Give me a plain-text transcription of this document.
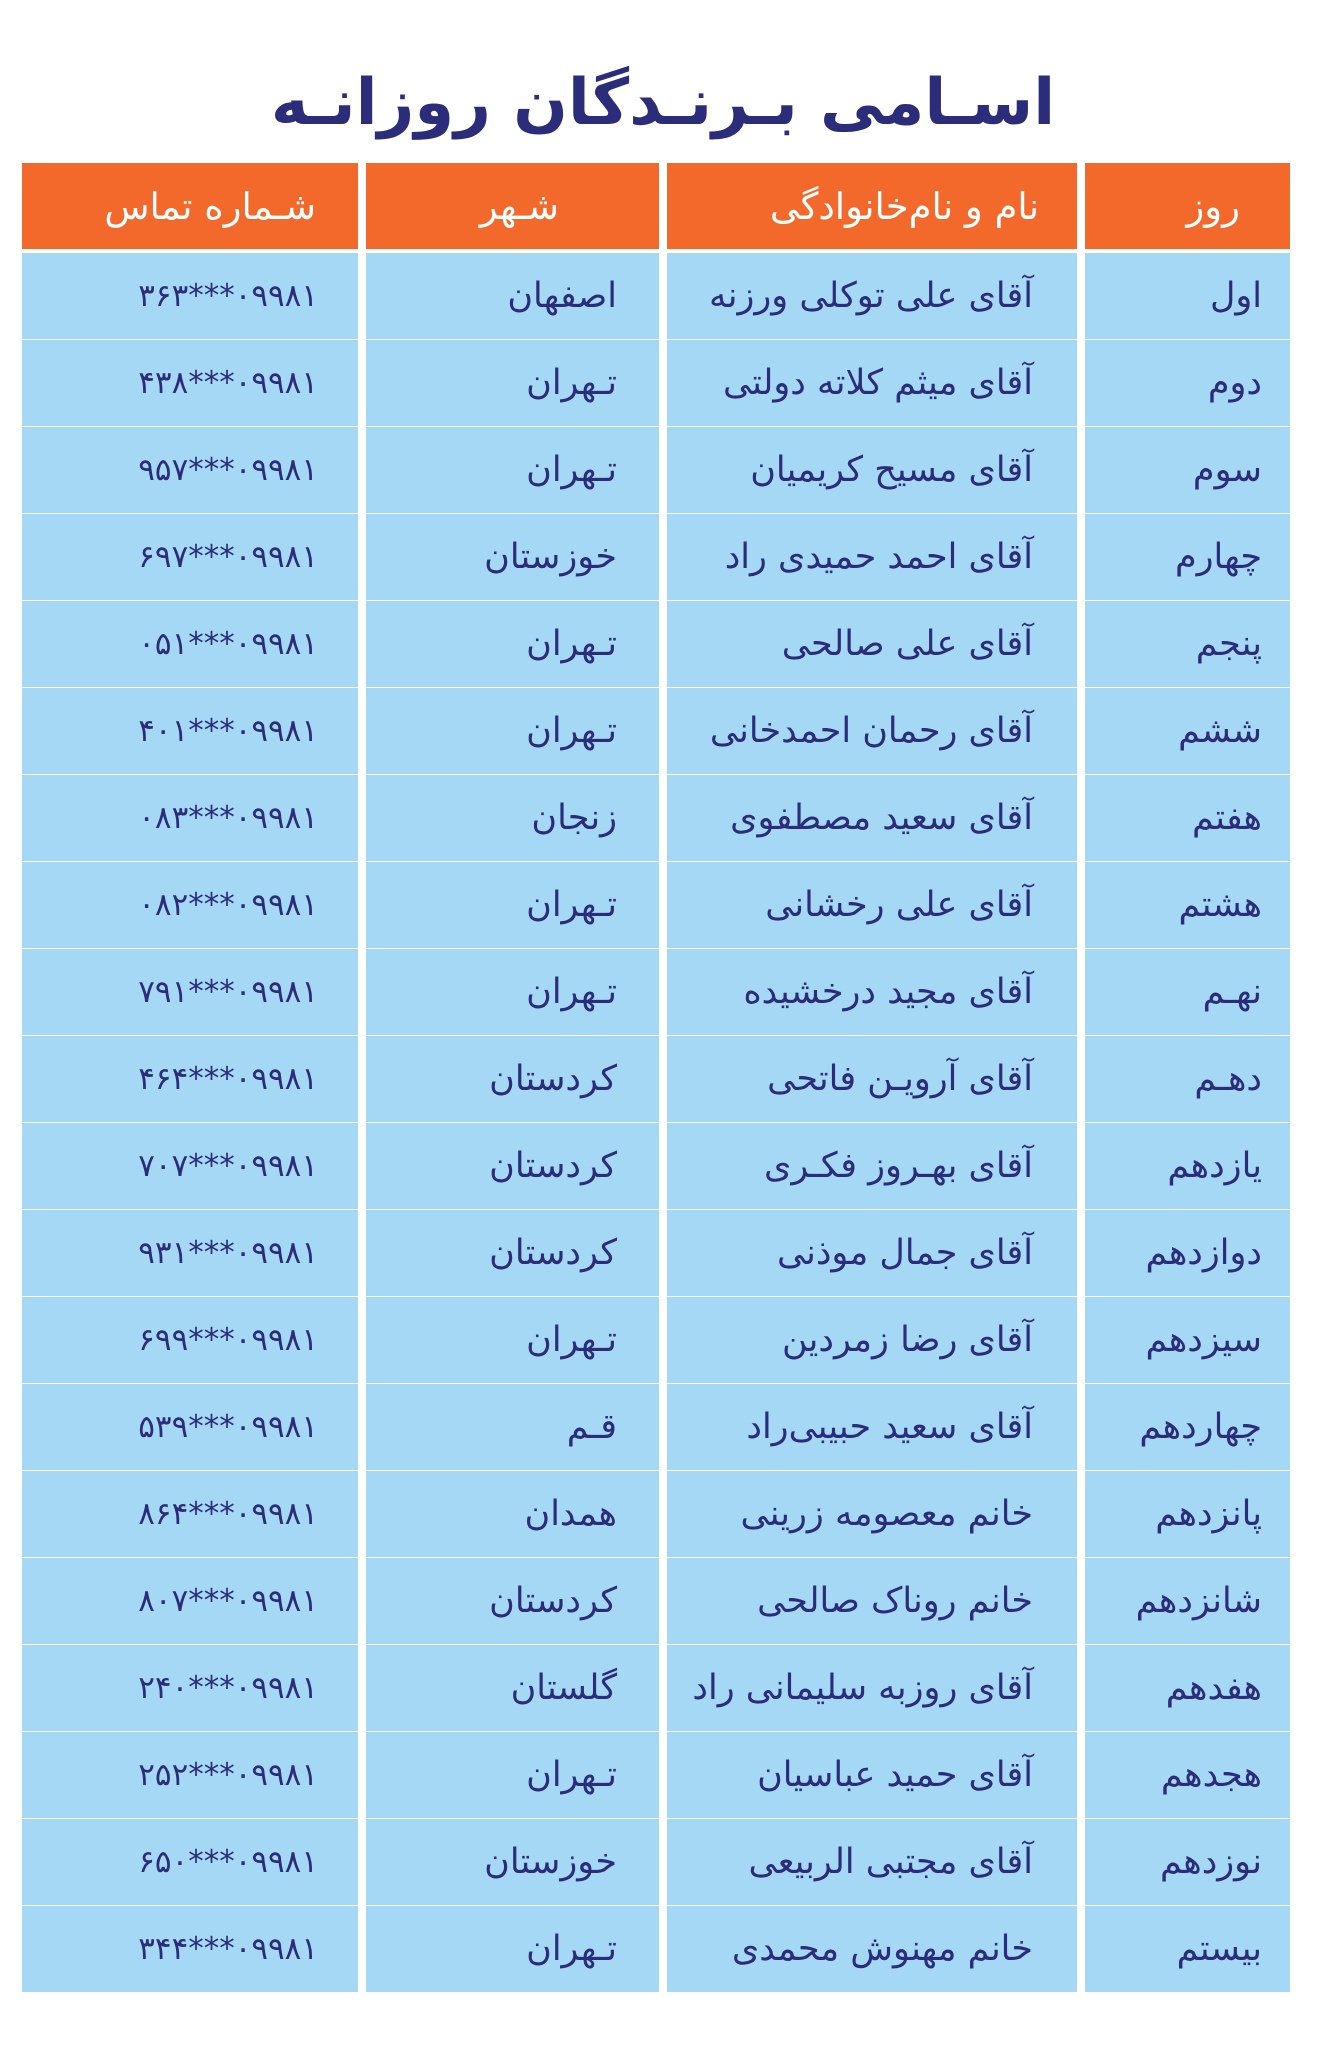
اسـامی بـرنـدگان روزانـه
روز
نام و نام‌خانوادگی
شـهر
شـماره تماس
اول
آقای علی توکلی ورزنه
اصفهان
۰۹۹۸۱***۳۶۳
دوم
آقای میثم کلاته دولتی
تـهران
۰۹۹۸۱***۴۳۸
سوم
آقای مسیح کریمیان
تـهران
۰۹۹۸۱***۹۵۷
چهارم
آقای احمد حمیدی راد
خوزستان
۰۹۹۸۱***۶۹۷
پنجم
آقای علی صالحی
تـهران
۰۹۹۸۱***۰۵۱
ششم
آقای رحمان احمدخانی
تـهران
۰۹۹۸۱***۴۰۱
هفتم
آقای سعید مصطفوی
زنجان
۰۹۹۸۱***۰۸۳
هشتم
آقای علی رخشانی
تـهران
۰۹۹۸۱***۰۸۲
نهـم
آقای مجید درخشیده
تـهران
۰۹۹۸۱***۷۹۱
دهـم
آقای آرویـن فاتحی
کردستان
۰۹۹۸۱***۴۶۴
یازدهم
آقای بهـروز فکـری
کردستان
۰۹۹۸۱***۷۰۷
دوازدهم
آقای جمال موذنی
کردستان
۰۹۹۸۱***۹۳۱
سیزدهم
آقای رضا زمردین
تـهران
۰۹۹۸۱***۶۹۹
چهاردهم
آقای سعید حبیبی‌راد
قـم
۰۹۹۸۱***۵۳۹
پانزدهم
خانم معصومه زرینی
همدان
۰۹۹۸۱***۸۶۴
شانزدهم
خانم روناک صالحی
کردستان
۰۹۹۸۱***۸۰۷
هفدهم
آقای روزبه سلیمانی راد
گلستان
۰۹۹۸۱***۲۴۰
هجدهم
آقای حمید عباسیان
تـهران
۰۹۹۸۱***۲۵۲
نوزدهم
آقای مجتبی الربیعی
خوزستان
۰۹۹۸۱***۶۵۰
بیستم
خانم مهنوش محمدی
تـهران
۰۹۹۸۱***۳۴۴
